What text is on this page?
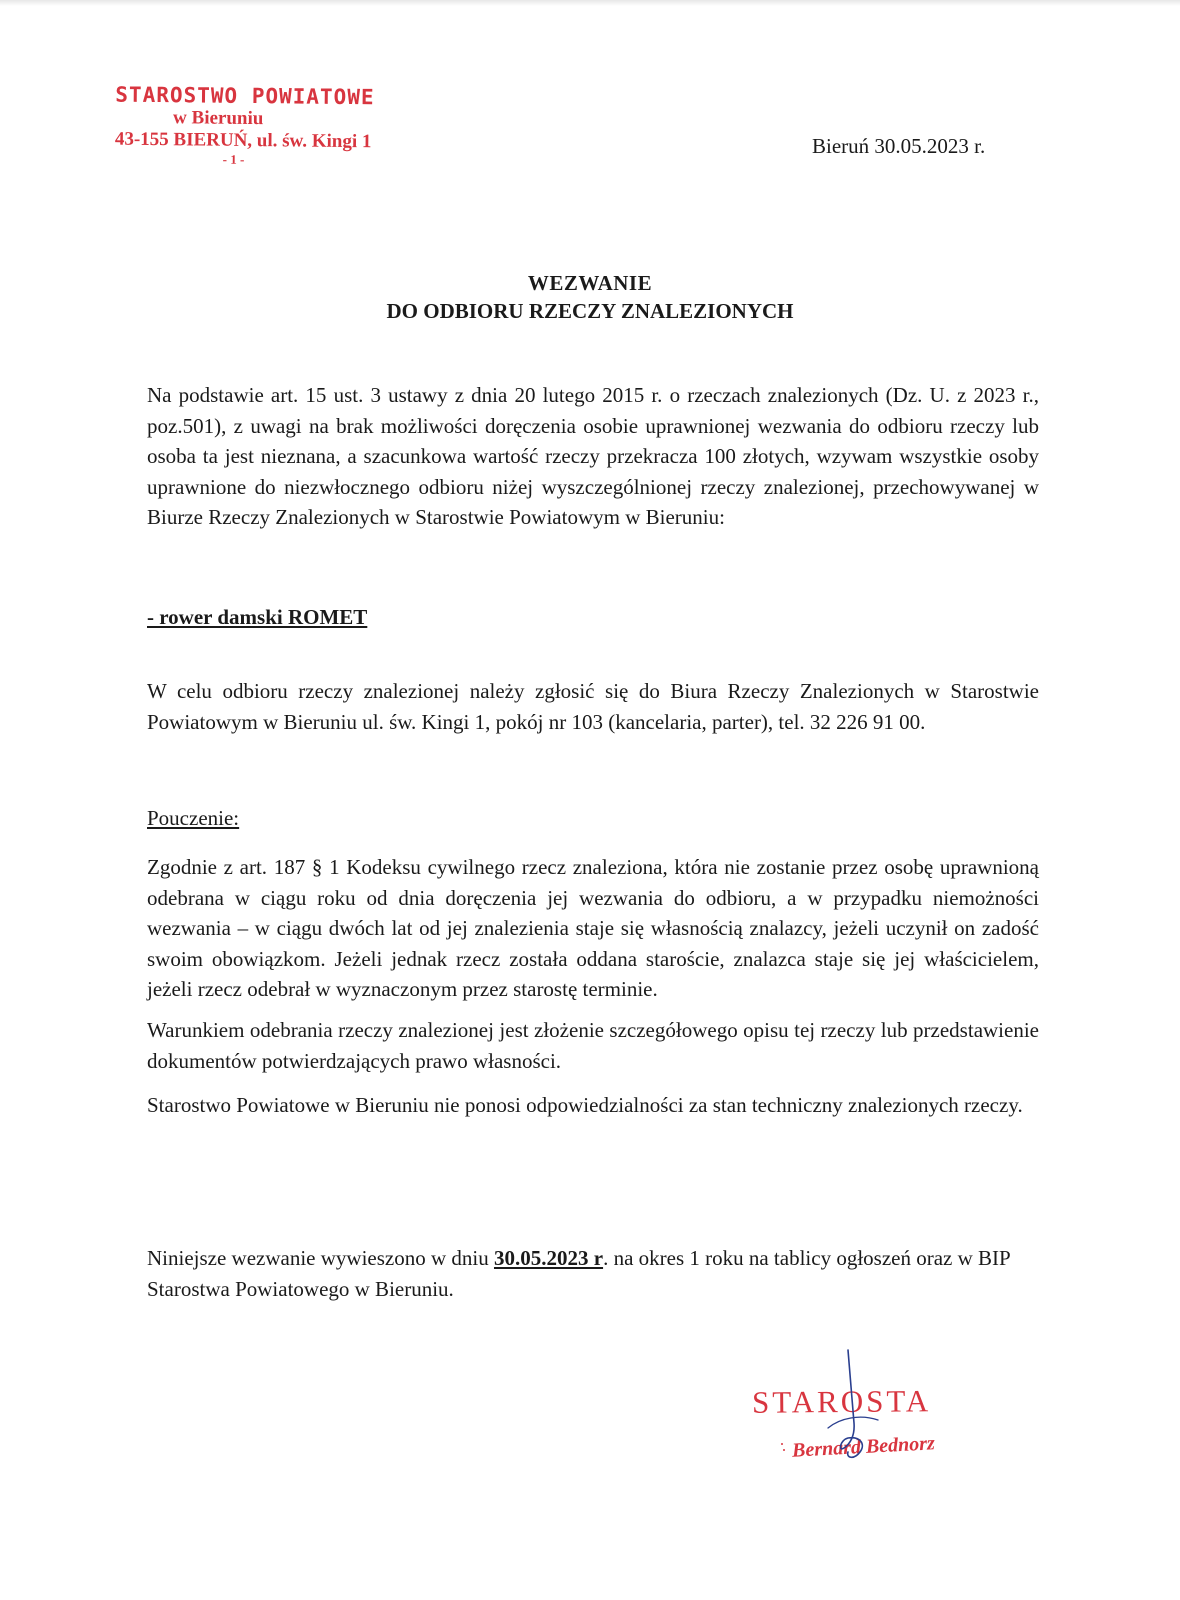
STAROSTWO POWIATOWE
w Bieruniu
43-155 BIERUŃ, ul. św. Kingi 1
- 1 -
Bieruń 30.05.2023 r.
WEZWANIE
DO ODBIORU RZECZY ZNALEZIONYCH
Na podstawie art. 15 ust. 3 ustawy z dnia 20 lutego 2015 r. o rzeczach znalezionych (Dz. U. z 2023 r., poz.501), z uwagi na brak możliwości doręczenia osobie uprawnionej wezwania do odbioru rzeczy lub osoba ta jest nieznana, a szacunkowa wartość rzeczy przekracza 100 złotych, wzywam wszystkie osoby uprawnione do niezwłocznego odbioru niżej wyszczególnionej rzeczy znalezionej, przechowywanej w Biurze Rzeczy Znalezionych w Starostwie Powiatowym w Bieruniu:
- rower damski ROMET
W celu odbioru rzeczy znalezionej należy zgłosić się do Biura Rzeczy Znalezionych w Starostwie Powiatowym w Bieruniu ul. św. Kingi 1, pokój nr 103 (kancelaria, parter), tel. 32 226 91 00.
Pouczenie:
Zgodnie z art. 187 § 1 Kodeksu cywilnego rzecz znaleziona, która nie zostanie przez osobę uprawnioną odebrana w ciągu roku od dnia doręczenia jej wezwania do odbioru, a w przypadku niemożności wezwania – w ciągu dwóch lat od jej znalezienia staje się własnością znalazcy, jeżeli uczynił on zadość swoim obowiązkom. Jeżeli jednak rzecz została oddana staroście, znalazca staje się jej właścicielem, jeżeli rzecz odebrał w wyznaczonym przez starostę terminie.
Warunkiem odebrania rzeczy znalezionej jest złożenie szczegółowego opisu tej rzeczy lub przedstawienie dokumentów potwierdzających prawo własności.
Starostwo Powiatowe w Bieruniu nie ponosi odpowiedzialności za stan techniczny znalezionych rzeczy.
Niniejsze wezwanie wywieszono w dniu 30.05.2023 r. na okres 1 roku na tablicy ogłoszeń oraz w BIP Starostwa Powiatowego w Bieruniu.
STAROSTA
Bernard Bednorz
